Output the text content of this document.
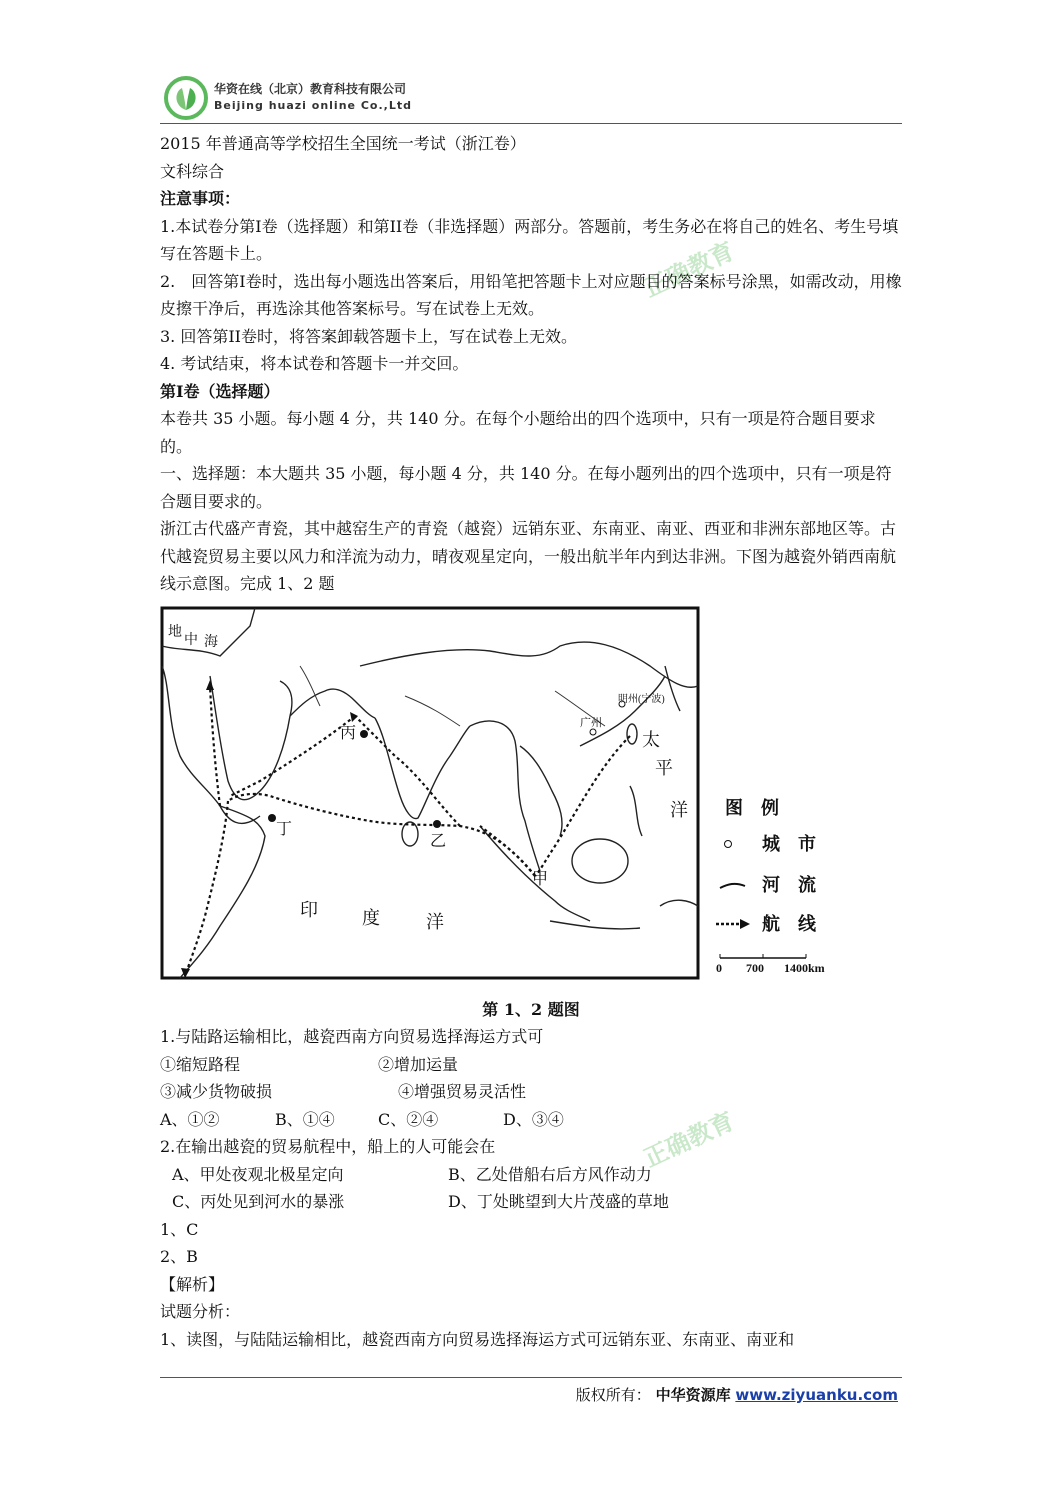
华资在线（北京）教育科技有限公司
Beijing huazi online Co.,Ltd
正确教育
正确教育

2015 年普通高等学校招生全国统一考试（浙江卷）

文科综合

注意事项：

1.本试卷分第Ⅰ卷（选择题）和第II卷（非选择题）两部分。答题前，考生务必在将自己的姓名、考生号填写在答题卡上。

2.　回答第Ⅰ卷时，选出每小题选出答案后，用铅笔把答题卡上对应题目的答案标号涂黑，如需改动，用橡皮擦干净后，再选涂其他答案标号。写在试卷上无效。

3. 回答第II卷时，将答案卸载答题卡上，写在试卷上无效。

4. 考试结束，将本试卷和答题卡一并交回。

第Ⅰ卷（选择题）

本卷共 35 小题。每小题 4 分，共 140 分。在每个小题给出的四个选项中，只有一项是符合题目要求的。

一、选择题：本大题共 35 小题，每小题 4 分，共 140 分。在每小题列出的四个选项中，只有一项是符合题目要求的。

浙江古代盛产青瓷，其中越窑生产的青瓷（越瓷）远销东亚、东南亚、南亚、西亚和非洲东部地区等。古代越瓷贸易主要以风力和洋流为动力，晴夜观星定向，一般出航半年内到达非洲。下图为越瓷外销西南航线示意图。完成 1、2 题

地
中 海
丙
丁
乙
甲
广州
明州(宁波)
太
平
洋
印 度	洋
图　例
城　市
河　流
航　线
0 700 1400km

第 1、2 题图

1.与陆路运输相比，越瓷西南方向贸易选择海运方式可

①缩短路程	②增加运量
③减少货物破损	④增强贸易灵活性
A、①②	B、①④	C、②④	D、③④

2.在输出越瓷的贸易航程中，船上的人可能会在

A、甲处夜观北极星定向	B、乙处借船右后方风作动力
C、丙处见到河水的暴涨	D、丁处眺望到大片茂盛的草地

1、C

2、B

【解析】

试题分析：

1、读图，与陆陆运输相比，越瓷西南方向贸易选择海运方式可远销东亚、东南亚、南亚和

版权所有： 中华资源库 www.ziyuanku.com
